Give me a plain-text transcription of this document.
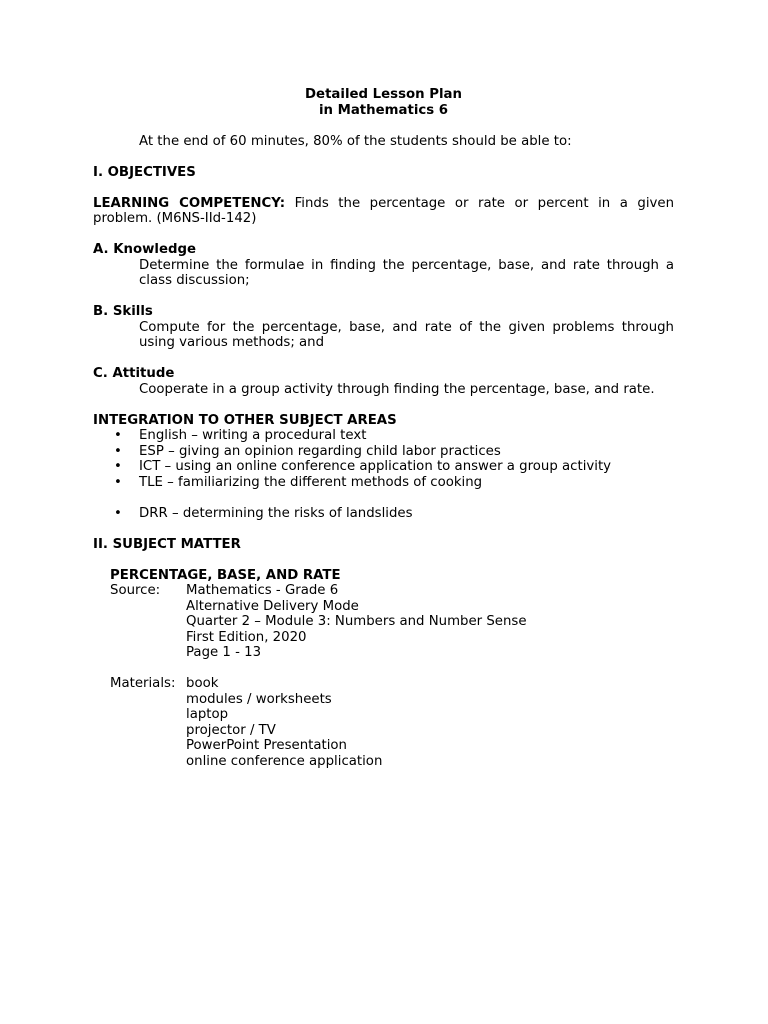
Detailed Lesson Plan

in Mathematics 6

At the end of 60 minutes, 80% of the students should be able to:

I. OBJECTIVES

LEARNING COMPETENCY: Finds the percentage or rate or percent in a given problem. (M6NS-IId-142)

A. Knowledge

Determine the formulae in finding the percentage, base, and rate through a class discussion;

B. Skills

Compute for the percentage, base, and rate of the given problems through using various methods; and

C. Attitude

Cooperate in a group activity through finding the percentage, base, and rate.

INTEGRATION TO OTHER SUBJECT AREAS

• English – writing a procedural text
• ESP – giving an opinion regarding child labor practices
• ICT – using an online conference application to answer a group activity
• TLE – familiarizing the different methods of cooking
• DRR – determining the risks of landslides

II. SUBJECT MATTER

PERCENTAGE, BASE, AND RATE

Source:	Mathematics - Grade 6
Alternative Delivery Mode
Quarter 2 – Module 3: Numbers and Number Sense
First Edition, 2020
Page 1 - 13
Materials: book
modules / worksheets
laptop
projector / TV
PowerPoint Presentation
online conference application
